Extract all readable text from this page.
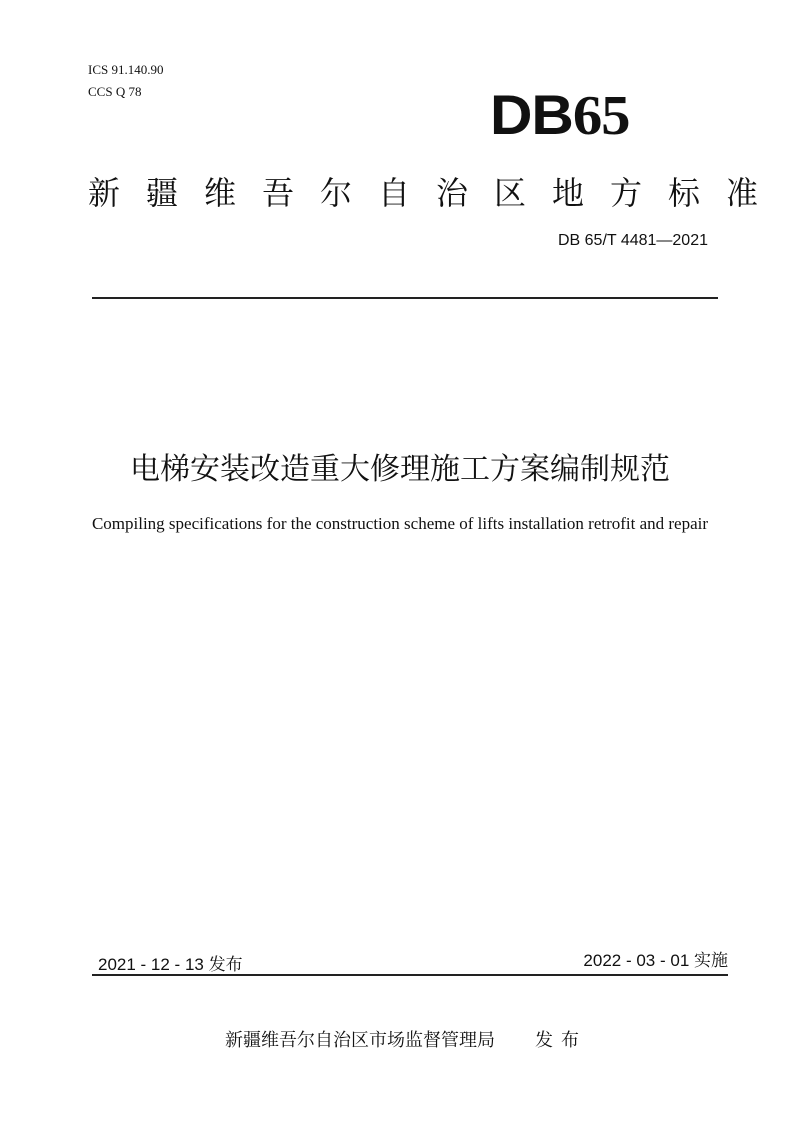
ICS 91.140.90
CCS Q 78	DB65
新疆维吾尔自治区地方标准
DB 65/T 4481—2021
电梯安装改造重大修理施工方案编制规范
Compiling specifications for the construction scheme of lifts installation retrofit and repair
2021 - 12 - 13 发布	2022 - 03 - 01 实施
新疆维吾尔自治区市场监督管理局 发布
